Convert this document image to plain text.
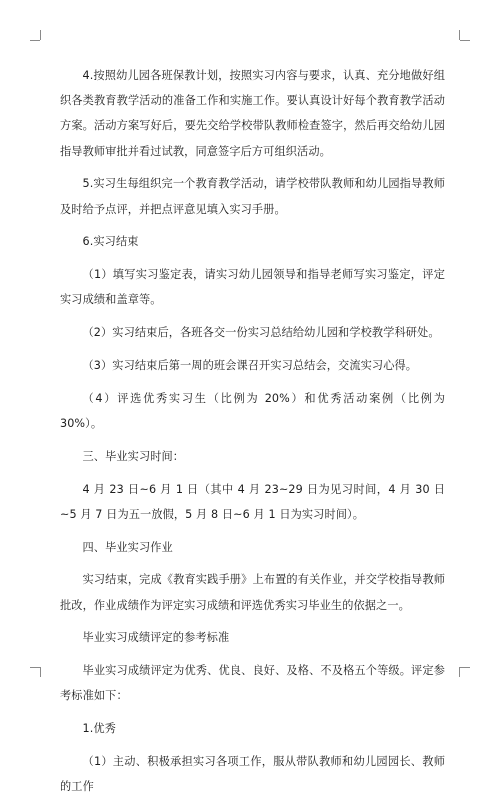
4.按照幼儿园各班保教计划，按照实习内容与要求，认真、充分地做好组织各类教育教学活动的准备工作和实施工作。要认真设计好每个教育教学活动方案。活动方案写好后，要先交给学校带队教师检查签字，然后再交给幼儿园指导教师审批并看过试教，同意签字后方可组织活动。

5.实习生每组织完一个教育教学活动，请学校带队教师和幼儿园指导教师及时给予点评，并把点评意见填入实习手册。

6.实习结束

（1）填写实习鉴定表，请实习幼儿园领导和指导老师写实习鉴定，评定实习成绩和盖章等。

（2）实习结束后，各班各交一份实习总结给幼儿园和学校教学科研处。

（3）实习结束后第一周的班会课召开实习总结会，交流实习心得。

（4）评选优秀实习生（比例为 20%）和优秀活动案例（比例为 30%）。

三、毕业实习时间：

4 月 23 日~6 月 1 日（其中 4 月 23~29 日为见习时间，4 月 30 日~5 月 7 日为五一放假，5 月 8 日~6 月 1 日为实习时间）。

四、毕业实习作业

实习结束，完成《教育实践手册》上布置的有关作业，并交学校指导教师批改，作业成绩作为评定实习成绩和评选优秀实习毕业生的依据之一。

毕业实习成绩评定的参考标准

毕业实习成绩评定为优秀、优良、良好、及格、不及格五个等级。评定参考标准如下：

1.优秀

（1）主动、积极承担实习各项工作，服从带队教师和幼儿园园长、教师的工作
